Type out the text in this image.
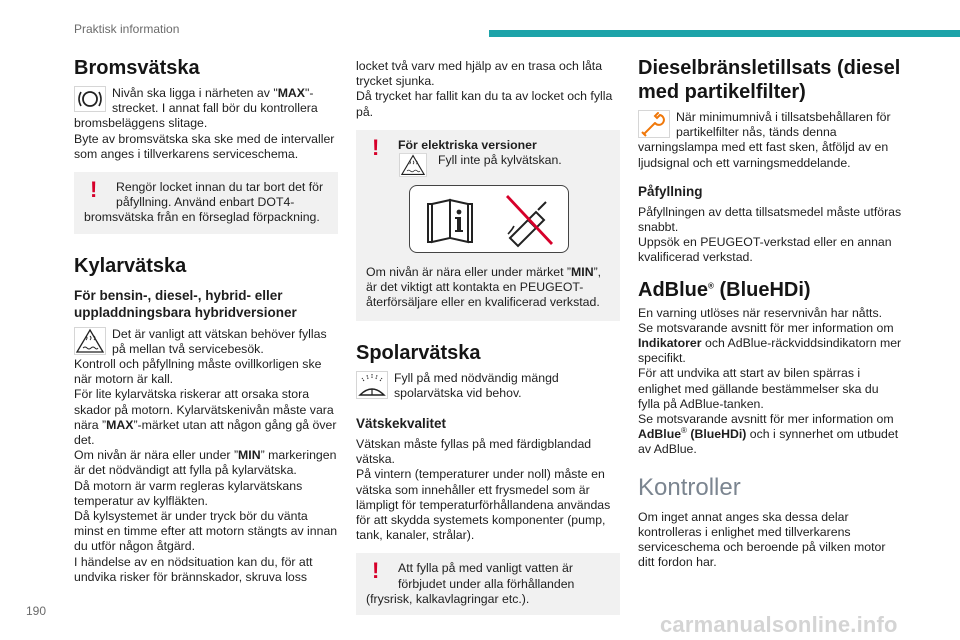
Praktisk information
Bromsvätska

Nivån ska ligga i närheten av "MAX"-strecket. I annat fall bör du kontrollera bromsbeläggens slitage.

Byte av bromsvätska ska ske med de intervaller som anges i tillverkarens serviceschema.

!	Rengör locket innan du tar bort det för påfyllning. Använd enbart DOT4-bromsvätska från en förseglad förpackning.

Kylarvätska
För bensin-, diesel-, hybrid- eller uppladdningsbara hybridversioner

Det är vanligt att vätskan behöver fyllas på mellan två servicebesök.

Kontroll och påfyllning måste ovillkorligen ske när motorn är kall.

För lite kylarvätska riskerar att orsaka stora skador på motorn. Kylarvätskenivån måste vara nära ”MAX”-märket utan att någon gång gå över det.

Om nivån är nära eller under ”MIN” markeringen är det nödvändigt att fylla på kylarvätska.

Då motorn är varm regleras kylarvätskans temperatur av kylfläkten.

Då kylsystemet är under tryck bör du vänta minst en timme efter att motorn stängts av innan du utför någon åtgärd.

I händelse av en nödsituation kan du, för att undvika risker för brännskador, skruva loss

locket två varv med hjälp av en trasa och låta trycket sjunka.

Då trycket har fallit kan du ta av locket och fylla på.

!	För elektriska versioner

Fyll inte på kylvätskan.

Om nivån är nära eller under märket ”MIN”, är det viktigt att kontakta en PEUGEOT-återförsäljare eller en kvalificerad verkstad.

Spolarvätska

Fyll på med nödvändig mängd spolarvätska vid behov.

Vätskekvalitet

Vätskan måste fyllas på med färdigblandad vätska.

På vintern (temperaturer under noll) måste en vätska som innehåller ett frysmedel som är lämpligt för temperaturförhållandena användas för att skydda systemets komponenter (pump, tank, kanaler, strålar).

!	Att fylla på med vanligt vatten är förbjudet under alla förhållanden (frysrisk, kalkavlagringar etc.).

Dieselbränsletillsats (diesel med partikelfilter)

När minimumnivå i tillsatsbehållaren för partikelfilter nås, tänds denna varningslampa med ett fast sken, åtföljd av en ljudsignal och ett varningsmeddelande.

Påfyllning

Påfyllningen av detta tillsatsmedel måste utföras snabbt.

Uppsök en PEUGEOT-verkstad eller en annan kvalificerad verkstad.

AdBlue® (BlueHDi)

En varning utlöses när reservnivån har nåtts.

Se motsvarande avsnitt för mer information om Indikatorer och AdBlue-räckviddsindikatorn mer specifikt.

För att undvika att start av bilen spärras i enlighet med gällande bestämmelser ska du fylla på AdBlue-tanken.

Se motsvarande avsnitt för mer information om AdBlue® (BlueHDi) och i synnerhet om utbudet av AdBlue.

Kontroller

Om inget annat anges ska dessa delar kontrolleras i enlighet med tillverkarens serviceschema och beroende på vilken motor ditt fordon har.

190
carmanualsonline.info
